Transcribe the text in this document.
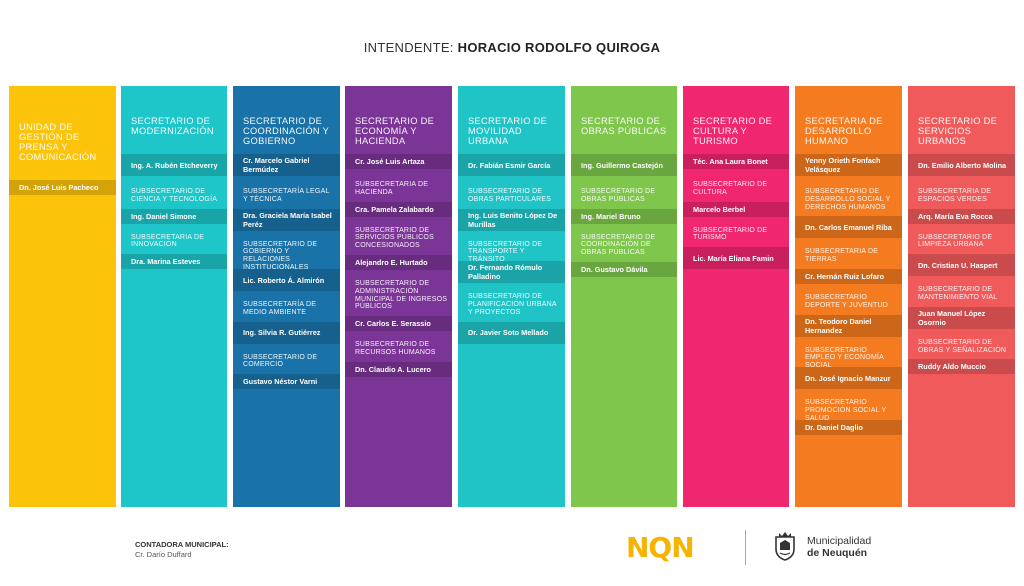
INTENDENTE: HORACIO RODOLFO QUIROGA
UNIDAD DE GESTIÓN DE PRENSA Y COMUNICACIÓN
Dn. José Luis Pacheco
SECRETARIO DE MODERNIZACIÓN
Ing. A. Rubén Etcheverry
SUBSECRETARIO DE CIENCIA Y TECNOLOGÍA
Ing. Daniel Simone
SUBSECRETARIA DE INNOVACIÓN
Dra. Marina Esteves
SECRETARIO DE COORDINACIÓN Y GOBIERNO
Cr. Marcelo Gabriel Bermúdez
SUBSECRETARÍA LEGAL Y TÉCNICA
Dra. Graciela María Isabel Peréz
SUBSECRETARIO DE GOBIERNO Y RELACIONES INSTITUCIONALES
Lic. Roberto Á. Almirón
SUBSECRETARÍA DE MEDIO AMBIENTE
Ing. Silvia R. Gutiérrez
SUBSECRETARIO DE COMERCIO
Gustavo Néstor Varni
SECRETARIO DE ECONOMÍA Y HACIENDA
Cr. José Luis Artaza
SUBSECRETARIA DE HACIENDA
Cra. Pamela Zalabardo
SUBSECRETARIO DE SERVICIOS PÚBLICOS CONCESIONADOS
Alejandro E. Hurtado
SUBSECRETARIO DE ADMINISTRACIÓN MUNICIPAL DE INGRESOS PÚBLICOS
Cr. Carlos E. Serassio
SUBSECRETARIO DE RECURSOS HUMANOS
Dn. Claudio A. Lucero
SECRETARIO DE MOVILIDAD URBANA
Dr. Fabián Esmir García
SUBSECRETARIO DE OBRAS PARTICULARES
Ing. Luis Benito López De Murillas
SUBSECRETARIO DE TRANSPORTE Y TRÁNSITO
Dr. Fernando Rómulo Palladino
SUBSECRETARIO DE PLANIFICACIÓN URBANA Y PROYECTOS
Dr. Javier Soto Mellado
SECRETARIO DE OBRAS PÚBLICAS
Ing. Guillermo Castejón
SUBSECRETARIO DE OBRAS PÚBLICAS
Ing. Mariel Bruno
SUBSECRETARIO DE COORDINACIÓN DE OBRAS PÚBLICAS
Dn. Gustavo Dávila
SECRETARIO DE CULTURA Y TURISMO
Téc. Ana Laura Bonet
SUBSECRETARIO DE CULTURA
Marcelo Berbel
SUBSECRETARIO DE TURISMO
Lic. María Eliana Famin
SECRETARIA DE DESARROLLO HUMANO
Yenny Orieth Fonfach Velásquez
SUBSECRETARIO DE DESARROLLO SOCIAL Y DERECHOS HUMANOS
Dn. Carlos Emanuel Riba
SUBSECRETARIA DE TIERRAS
Cr. Hernán Ruiz Lofaro
SUBSECRETARIO DEPORTE Y JUVENTUD
Dn. Teodoro Daniel Hernandez
SUBSECRETARIO EMPLEO Y ECONOMÍA SOCIAL
Dn. José Ignacio Manzur
SUBSECRETARIO PROMOCIÓN SOCIAL Y SALUD
Dr. Daniel Daglio
SECRETARIO DE SERVICIOS URBANOS
Dn. Emilio Alberto Molina
SUBSECRETARIA DE ESPACIOS VERDES
Arq. María Eva Rocca
SUBSECRETARIO DE LIMPIEZA URBANA
Dn. Cristian U. Haspert
SUBSECRETARIO DE MANTENIMIENTO VIAL
Juan Manuel López Osornio
SUBSECRETARIO DE OBRAS Y SEÑALIZACIÓN
Ruddy Aldo Muccio
CONTADORA MUNICIPAL:
Cr. Darío Duffard	NQN	Municipalidad
de Neuquén
